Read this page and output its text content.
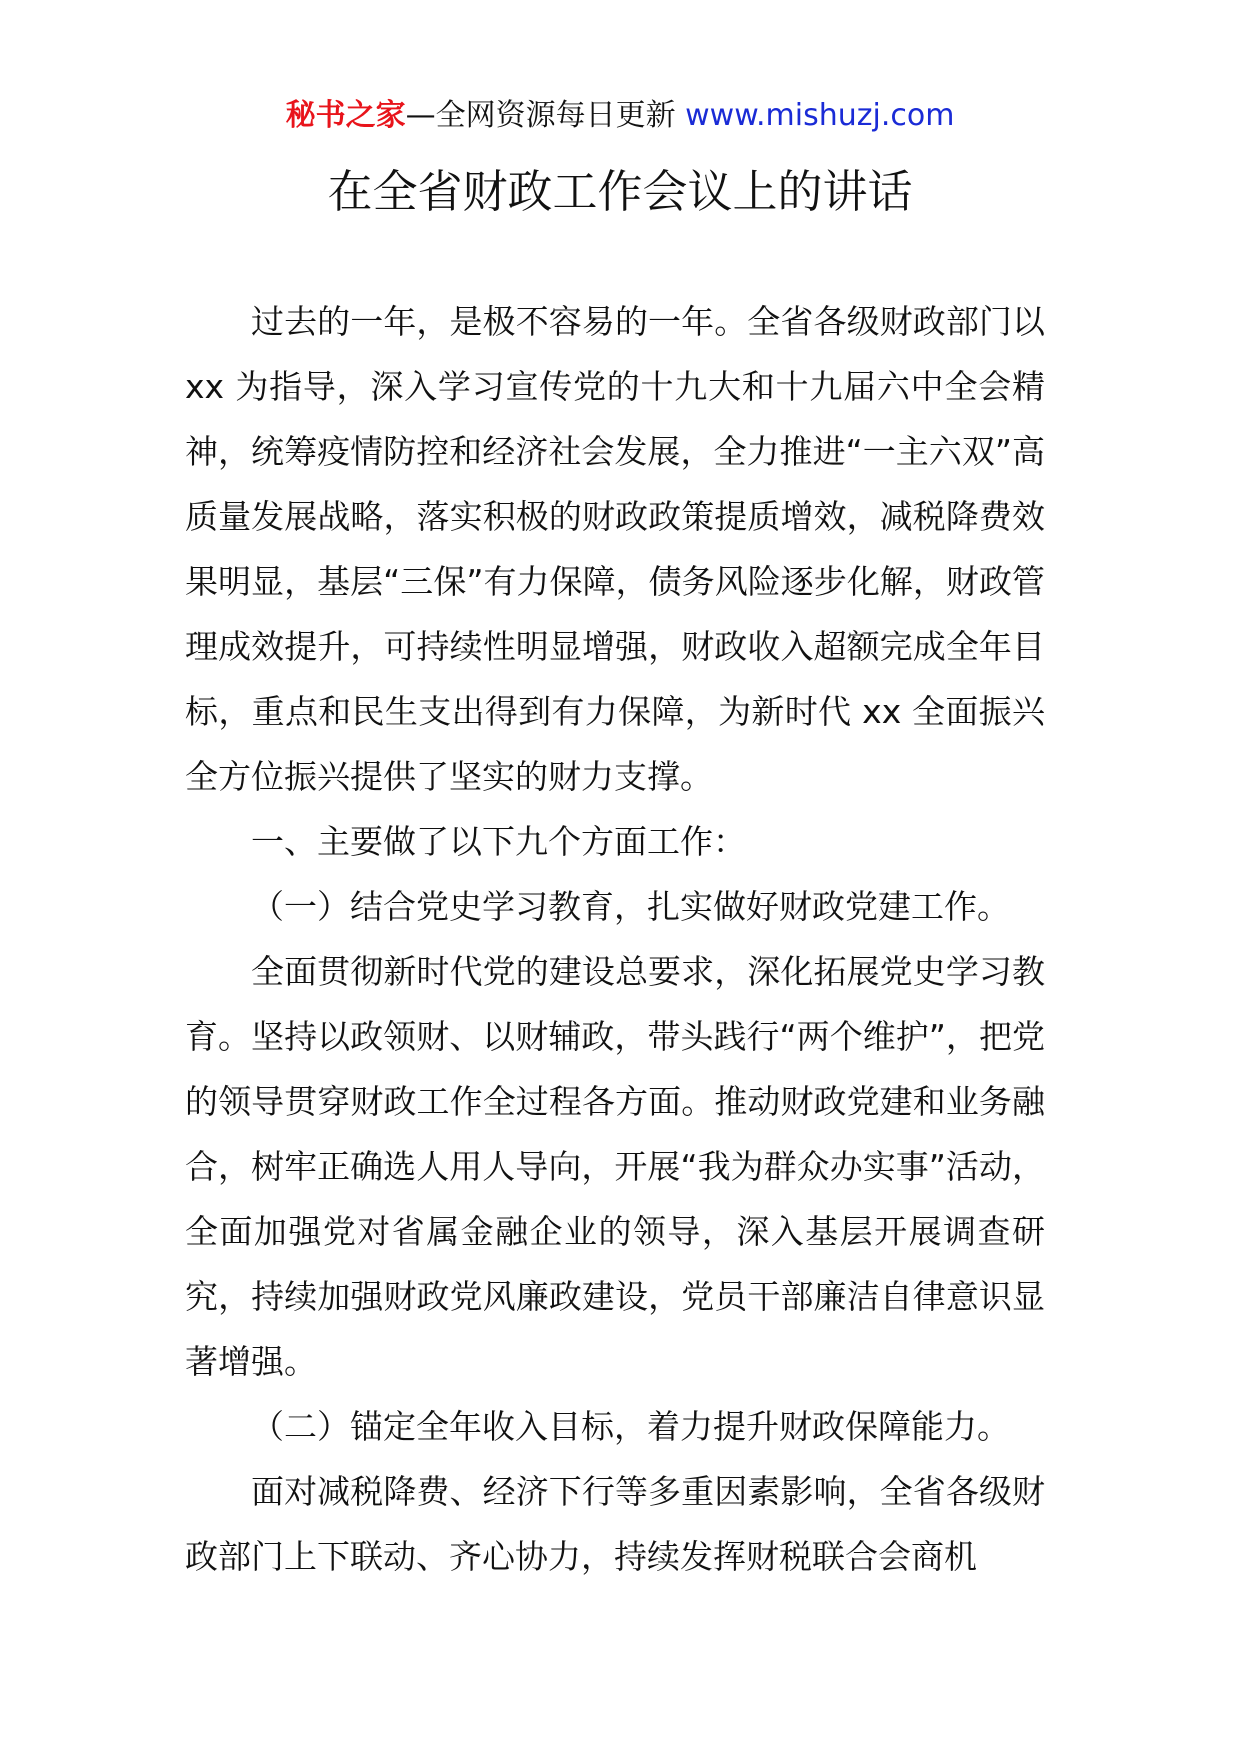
秘书之家—全网资源每日更新 www.mishuzj.com
在全省财政工作会议上的讲话

过去的一年，是极不容易的一年。全省各级财政部门以 xx 为指导，深入学习宣传党的十九大和十九届六中全会精神，统筹疫情防控和经济社会发展，全力推进“一主六双”高质量发展战略，落实积极的财政政策提质增效，减税降费效果明显，基层“三保”有力保障，债务风险逐步化解，财政管理成效提升，可持续性明显增强，财政收入超额完成全年目标，重点和民生支出得到有力保障，为新时代 xx 全面振兴全方位振兴提供了坚实的财力支撑。

一、主要做了以下九个方面工作：

（一）结合党史学习教育，扎实做好财政党建工作。

全面贯彻新时代党的建设总要求，深化拓展党史学习教育。坚持以政领财、以财辅政，带头践行“两个维护”，把党的领导贯穿财政工作全过程各方面。推动财政党建和业务融合，树牢正确选人用人导向，开展“我为群众办实事”活动，全面加强党对省属金融企业的领导，深入基层开展调查研究，持续加强财政党风廉政建设，党员干部廉洁自律意识显著增强。

（二）锚定全年收入目标，着力提升财政保障能力。

面对减税降费、经济下行等多重因素影响，全省各级财政部门上下联动、齐心协力，持续发挥财税联合会商机
